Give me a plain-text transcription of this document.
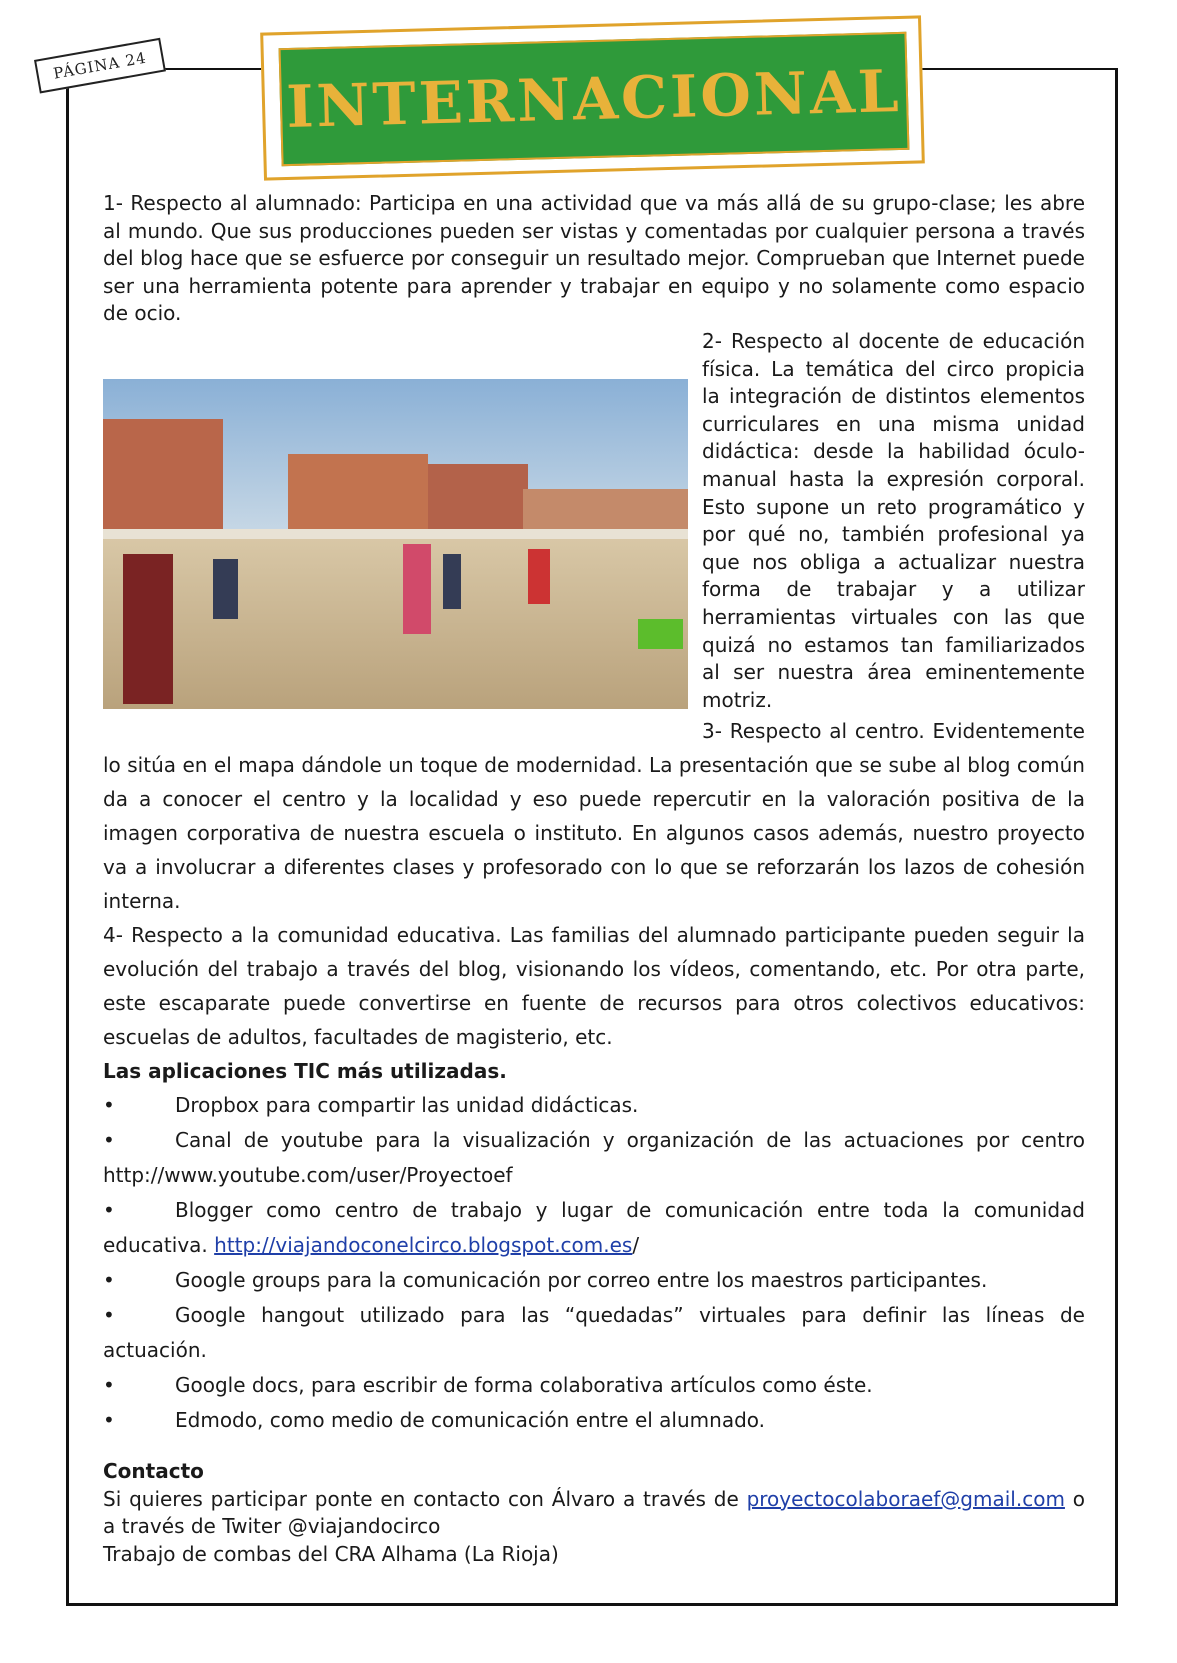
PÁGINA 24	INTERNACIONAL

1- Respecto al alumnado: Participa en una actividad que va más allá de su grupo-clase; les abre al mundo. Que sus producciones pueden ser vistas y comentadas por cualquier persona a través del blog hace que se esfuerce por conseguir un resultado mejor. Comprueban que Internet puede ser una herramienta potente para aprender y trabajar en equipo y no solamente como espacio de ocio.

2- Respecto al docente de educación física. La temática del circo propicia la integración de distintos elementos curriculares en una misma unidad didáctica: desde la habilidad óculo-manual hasta la expresión corporal. Esto supone un reto programático y por qué no, también profesional ya que nos obliga a actualizar nuestra forma de trabajar y a utilizar herramientas virtuales con las que quizá no estamos tan familiarizados al ser nuestra área eminentemente motriz.

3- Respecto al centro. Evidentemente lo sitúa en el mapa dándole un toque de modernidad. La presentación que se sube al blog común da a conocer el centro y la localidad y eso puede repercutir en la valoración positiva de la imagen corporativa de nuestra escuela o instituto. En algunos casos además, nuestro proyecto va a involucrar a diferentes clases y profesorado con lo que se reforzarán los lazos de cohesión interna.

4- Respecto a la comunidad educativa. Las familias del alumnado participante pueden seguir la evolución del trabajo a través del blog, visionando los vídeos, comentando, etc. Por otra parte, este escaparate puede convertirse en fuente de recursos para otros colectivos educativos: escuelas de adultos, facultades de magisterio, etc.

Las aplicaciones TIC más utilizadas.

•	Dropbox para compartir las unidad didácticas.

•	Canal de youtube para la visualización y organización de las actuaciones por centro http://www.youtube.com/user/Proyectoef

•	Blogger como centro de trabajo y lugar de comunicación entre toda la comunidad educativa. http://viajandoconelcirco.blogspot.com.es/

•	Google groups para la comunicación por correo entre los maestros participantes.

•	Google hangout utilizado para las “quedadas” virtuales para definir las líneas de actuación.

•	Google docs, para escribir de forma colaborativa artículos como éste.

•	Edmodo, como medio de comunicación entre el alumnado.

Contacto

Si quieres participar ponte en contacto con Álvaro a través de proyectocolaboraef@gmail.com o a través de Twiter @viajandocirco

Trabajo de combas del CRA Alhama (La Rioja)
